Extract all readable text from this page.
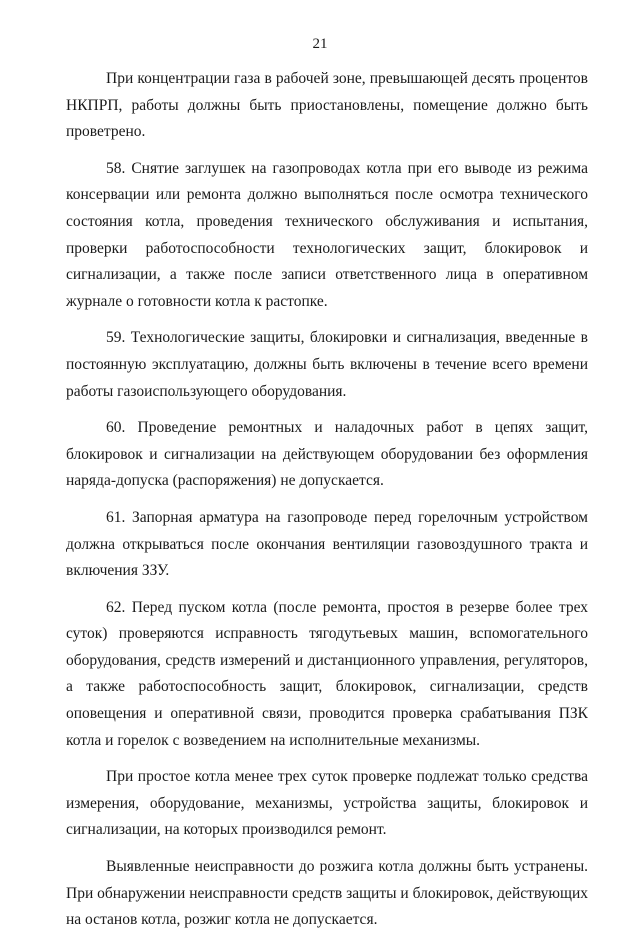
21

При концентрации газа в рабочей зоне, превышающей десять процентов НКПРП, работы должны быть приостановлены, помещение должно быть проветрено.

58. Снятие заглушек на газопроводах котла при его выводе из режима консервации или ремонта должно выполняться после осмотра технического состояния котла, проведения технического обслуживания и испытания, проверки работоспособности технологических защит, блокировок и сигнализации, а также после записи ответственного лица в оперативном журнале о готовности котла к растопке.

59. Технологические защиты, блокировки и сигнализация, введенные в постоянную эксплуатацию, должны быть включены в течение всего времени работы газоиспользующего оборудования.

60. Проведение ремонтных и наладочных работ в цепях защит, блокировок и сигнализации на действующем оборудовании без оформления наряда-допуска (распоряжения) не допускается.

61. Запорная арматура на газопроводе перед горелочным устройством должна открываться после окончания вентиляции газовоздушного тракта и включения ЗЗУ.

62. Перед пуском котла (после ремонта, простоя в резерве более трех суток) проверяются исправность тягодутьевых машин, вспомогательного оборудования, средств измерений и дистанционного управления, регуляторов, а также работоспособность защит, блокировок, сигнализации, средств оповещения и оперативной связи, проводится проверка срабатывания ПЗК котла и горелок с возведением на исполнительные механизмы.

При простое котла менее трех суток проверке подлежат только средства измерения, оборудование, механизмы, устройства защиты, блокировок и сигнализации, на которых производился ремонт.

Выявленные неисправности до розжига котла должны быть устранены. При обнаружении неисправности средств защиты и блокировок, действующих на останов котла, розжиг котла не допускается.
